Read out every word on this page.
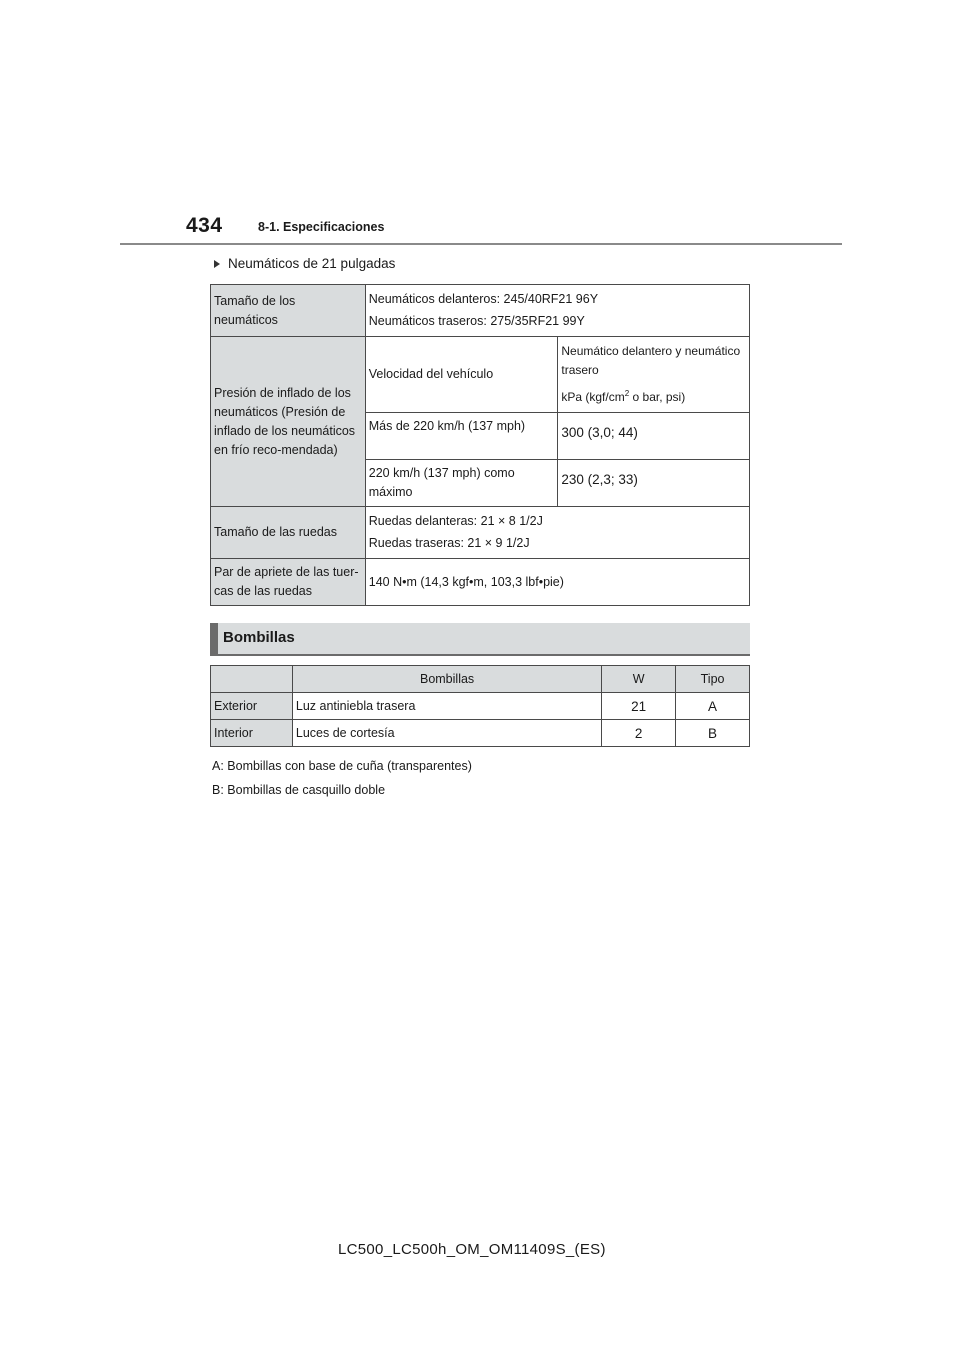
434	8-1. Especificaciones
Neumáticos de 21 pulgadas
Tamaño de los neumáticos	Neumáticos delanteros: 245/40RF21 96Y

Neumáticos traseros: 275/35RF21 99Y	

Presión de inflado de los neumáticos (Presión de inflado de los neumáticos en frío reco-mendada)	Velocidad del vehículo	Neumático delantero y neumático trasero

kPa ($kgf/cm^2$ o bar, psi)

	Más de 220 km/h (137 mph)	300 (3,0; 44)

	220 km/h (137 mph) como máximo	230 (2,3; 33)

Tamaño de las ruedas	Ruedas delanteras: 21 × 8 1/2J

Ruedas traseras: 21 × 9 1/2J	

Par de apriete de las tuer-cas de las ruedas	140 N•m (14,3 kgf•m, 103,3 lbf•pie)	
Bombillas
	Bombillas	W	Tipo
Exterior	Luz antiniebla trasera	21	A
Interior	Luces de cortesía	2	B
A: Bombillas con base de cuña (transparentes)
B: Bombillas de casquillo doble
LC500_LC500h_OM_OM11409S_(ES)
